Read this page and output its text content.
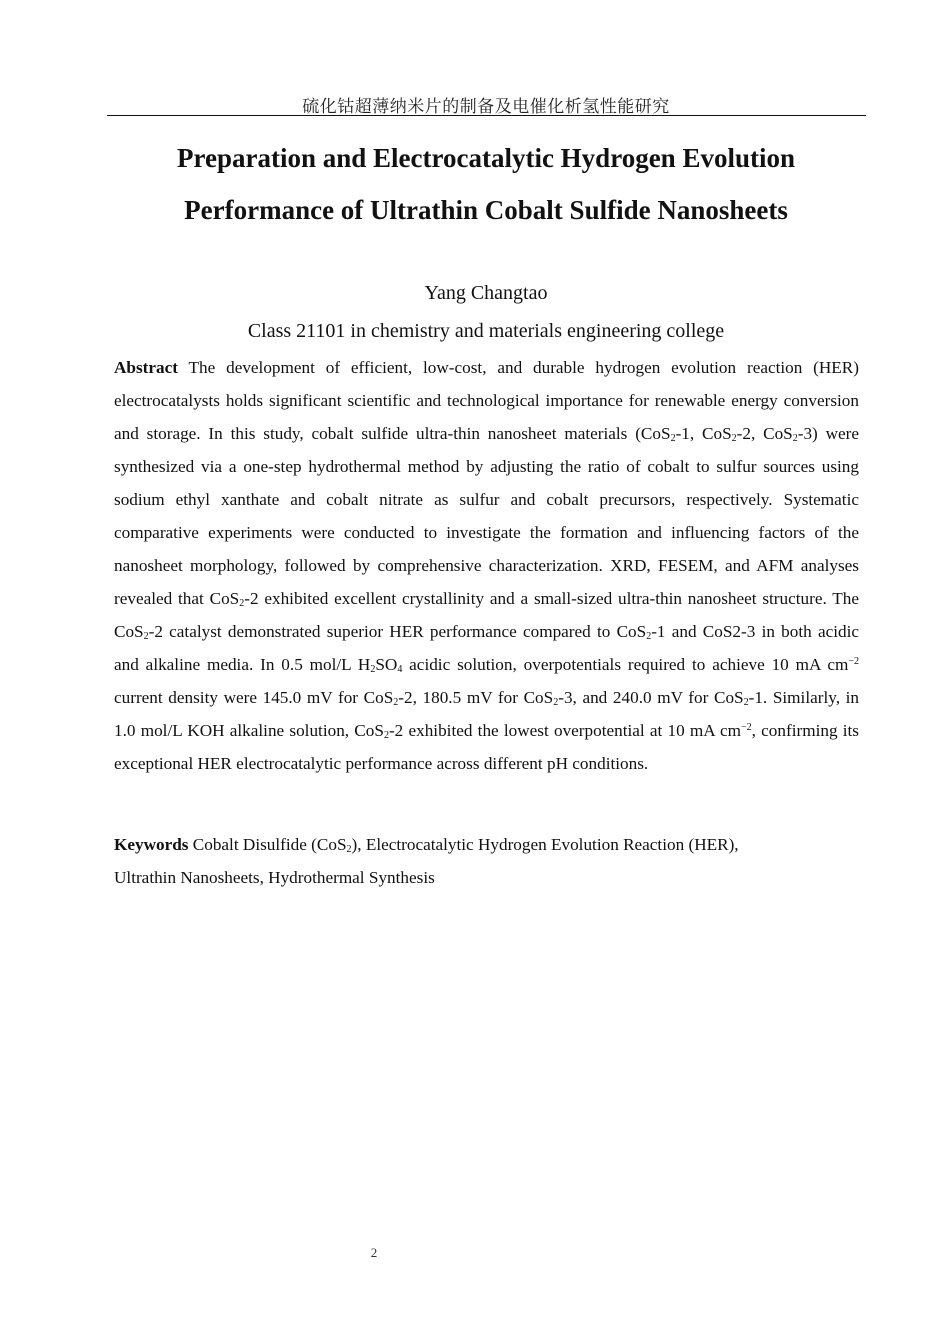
硫化钴超薄纳米片的制备及电催化析氢性能研究
Preparation and Electrocatalytic Hydrogen Evolution
Performance of Ultrathin Cobalt Sulfide Nanosheets
Yang Changtao
Class 21101 in chemistry and materials engineering college
Abstract The development of efficient, low-cost, and durable hydrogen evolution reaction (HER) electrocatalysts holds significant scientific and technological importance for renewable energy conversion and storage. In this study, cobalt sulfide ultra-thin nanosheet materials (CoS$_2$-1, CoS$_2$-2, CoS$_2$-3) were synthesized via a one-step hydrothermal method by adjusting the ratio of cobalt to sulfur sources using sodium ethyl xanthate and cobalt nitrate as sulfur and cobalt precursors, respectively. Systematic comparative experiments were conducted to investigate the formation and influencing factors of the nanosheet morphology, followed by comprehensive characterization. XRD, FESEM, and AFM analyses revealed that CoS$_2$-2 exhibited excellent crystallinity and a small-sized ultra-thin nanosheet structure. The CoS$_2$-2 catalyst demonstrated superior HER performance compared to CoS$_2$-1 and CoS2-3 in both acidic and alkaline media. In 0.5 mol/L $H_2SO_4$ acidic solution, overpotentials required to achieve 10 mA $cm^{-2}$ current density were 145.0 mV for CoS$_2$-2, 180.5 mV for CoS$_2$-3, and 240.0 mV for CoS$_2$-1. Similarly, in 1.0 mol/L KOH alkaline solution, CoS$_2$-2 exhibited the lowest overpotential at 10 mA $cm^{-2}$, confirming its exceptional HER electrocatalytic performance across different pH conditions.
Keywords Cobalt Disulfide (CoS$_2$), Electrocatalytic Hydrogen Evolution Reaction (HER),
Ultrathin Nanosheets, Hydrothermal Synthesis
2
